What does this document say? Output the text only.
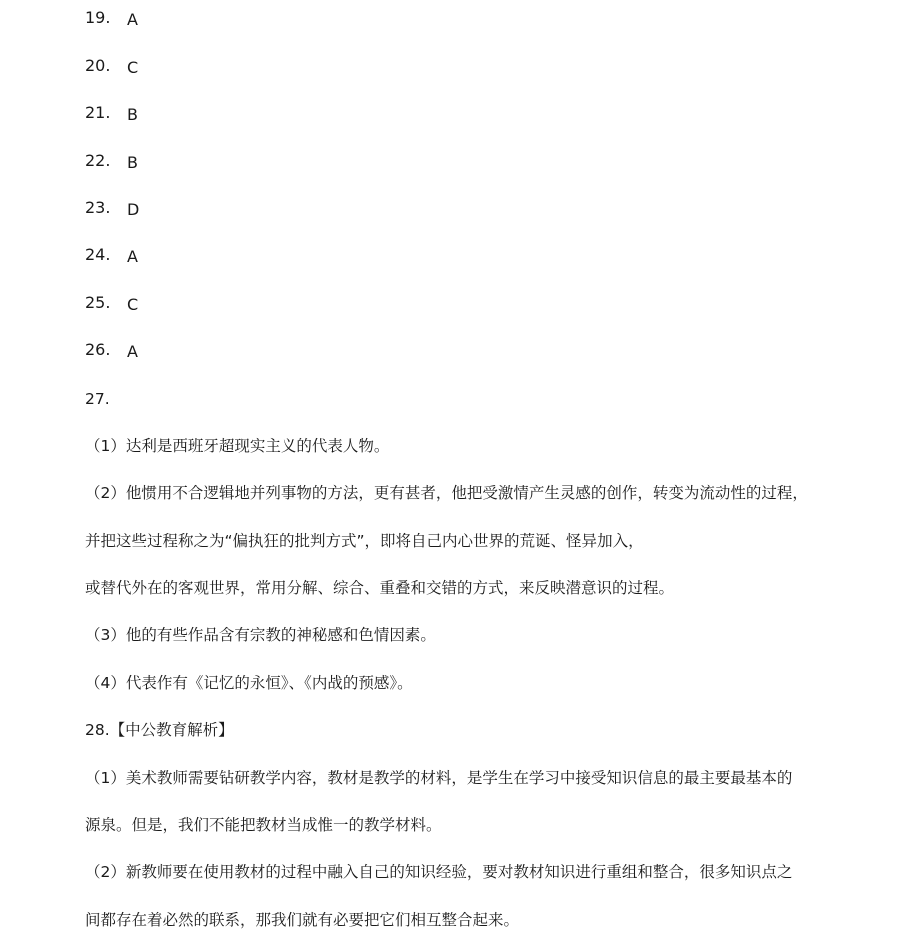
19. A
20. C
21. B
22. B
23. D
24. A
25. C
26. A
27.
（1）达利是西班牙超现实主义的代表人物。
（2）他惯用不合逻辑地并列事物的方法，更有甚者，他把受激情产生灵感的创作，转变为流动性的过程，
并把这些过程称之为“偏执狂的批判方式”，即将自己内心世界的荒诞、怪异加入，
或替代外在的客观世界，常用分解、综合、重叠和交错的方式，来反映潜意识的过程。
（3）他的有些作品含有宗教的神秘感和色情因素。
（4）代表作有《记忆的永恒》、《内战的预感》。
28.【中公教育解析】
（1）美术教师需要钻研教学内容，教材是教学的材料，是学生在学习中接受知识信息的最主要最基本的
源泉。但是，我们不能把教材当成惟一的教学材料。
（2）新教师要在使用教材的过程中融入自己的知识经验，要对教材知识进行重组和整合，很多知识点之
间都存在着必然的联系，那我们就有必要把它们相互整合起来。
